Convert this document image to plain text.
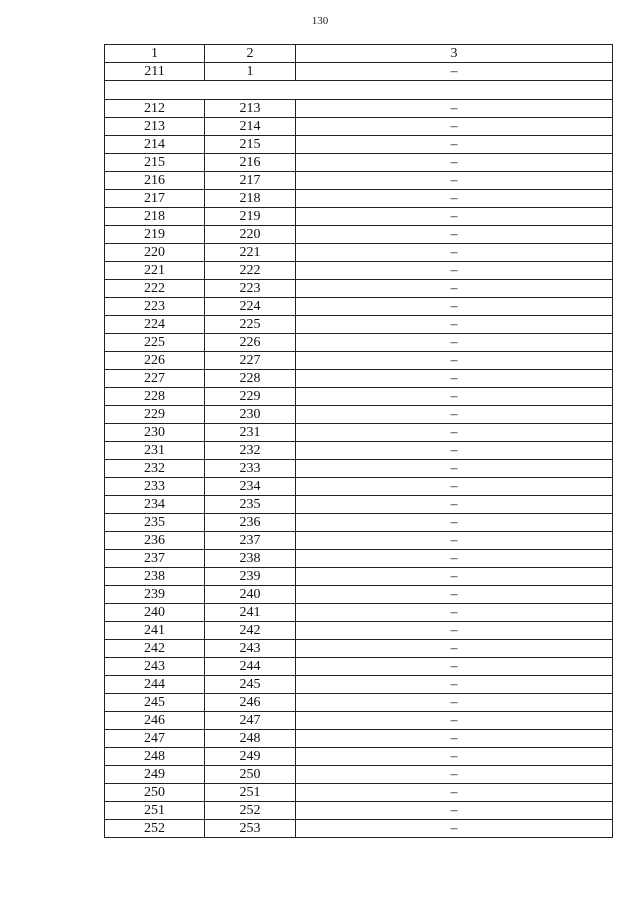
130
1	2	3
211	1	–

212	213	–
213	214	–
214	215	–
215	216	–
216	217	–
217	218	–
218	219	–
219	220	–
220	221	–
221	222	–
222	223	–
223	224	–
224	225	–
225	226	–
226	227	–
227	228	–
228	229	–
229	230	–
230	231	–
231	232	–
232	233	–
233	234	–
234	235	–
235	236	–
236	237	–
237	238	–
238	239	–
239	240	–
240	241	–
241	242	–
242	243	–
243	244	–
244	245	–
245	246	–
246	247	–
247	248	–
248	249	–
249	250	–
250	251	–
251	252	–
252	253	–
